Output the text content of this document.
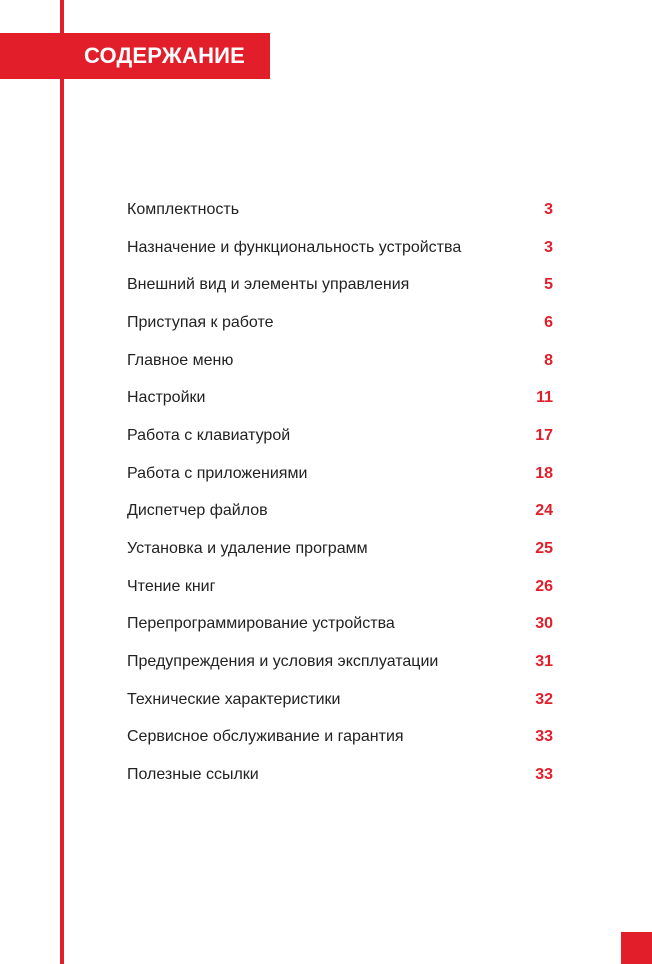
СОДЕРЖАНИЕ
Комплектность	3
Назначение и функциональность устройства	3
Внешний вид и элементы управления	5
Приступая к работе	6
Главное меню	8
Настройки	11
Работа с клавиатурой	17
Работа с приложениями	18
Диспетчер файлов	24
Установка и удаление программ	25
Чтение книг	26
Перепрограммирование устройства	30
Предупреждения и условия эксплуатации	31
Технические характеристики	32
Сервисное обслуживание и гарантия	33
Полезные ссылки	33
